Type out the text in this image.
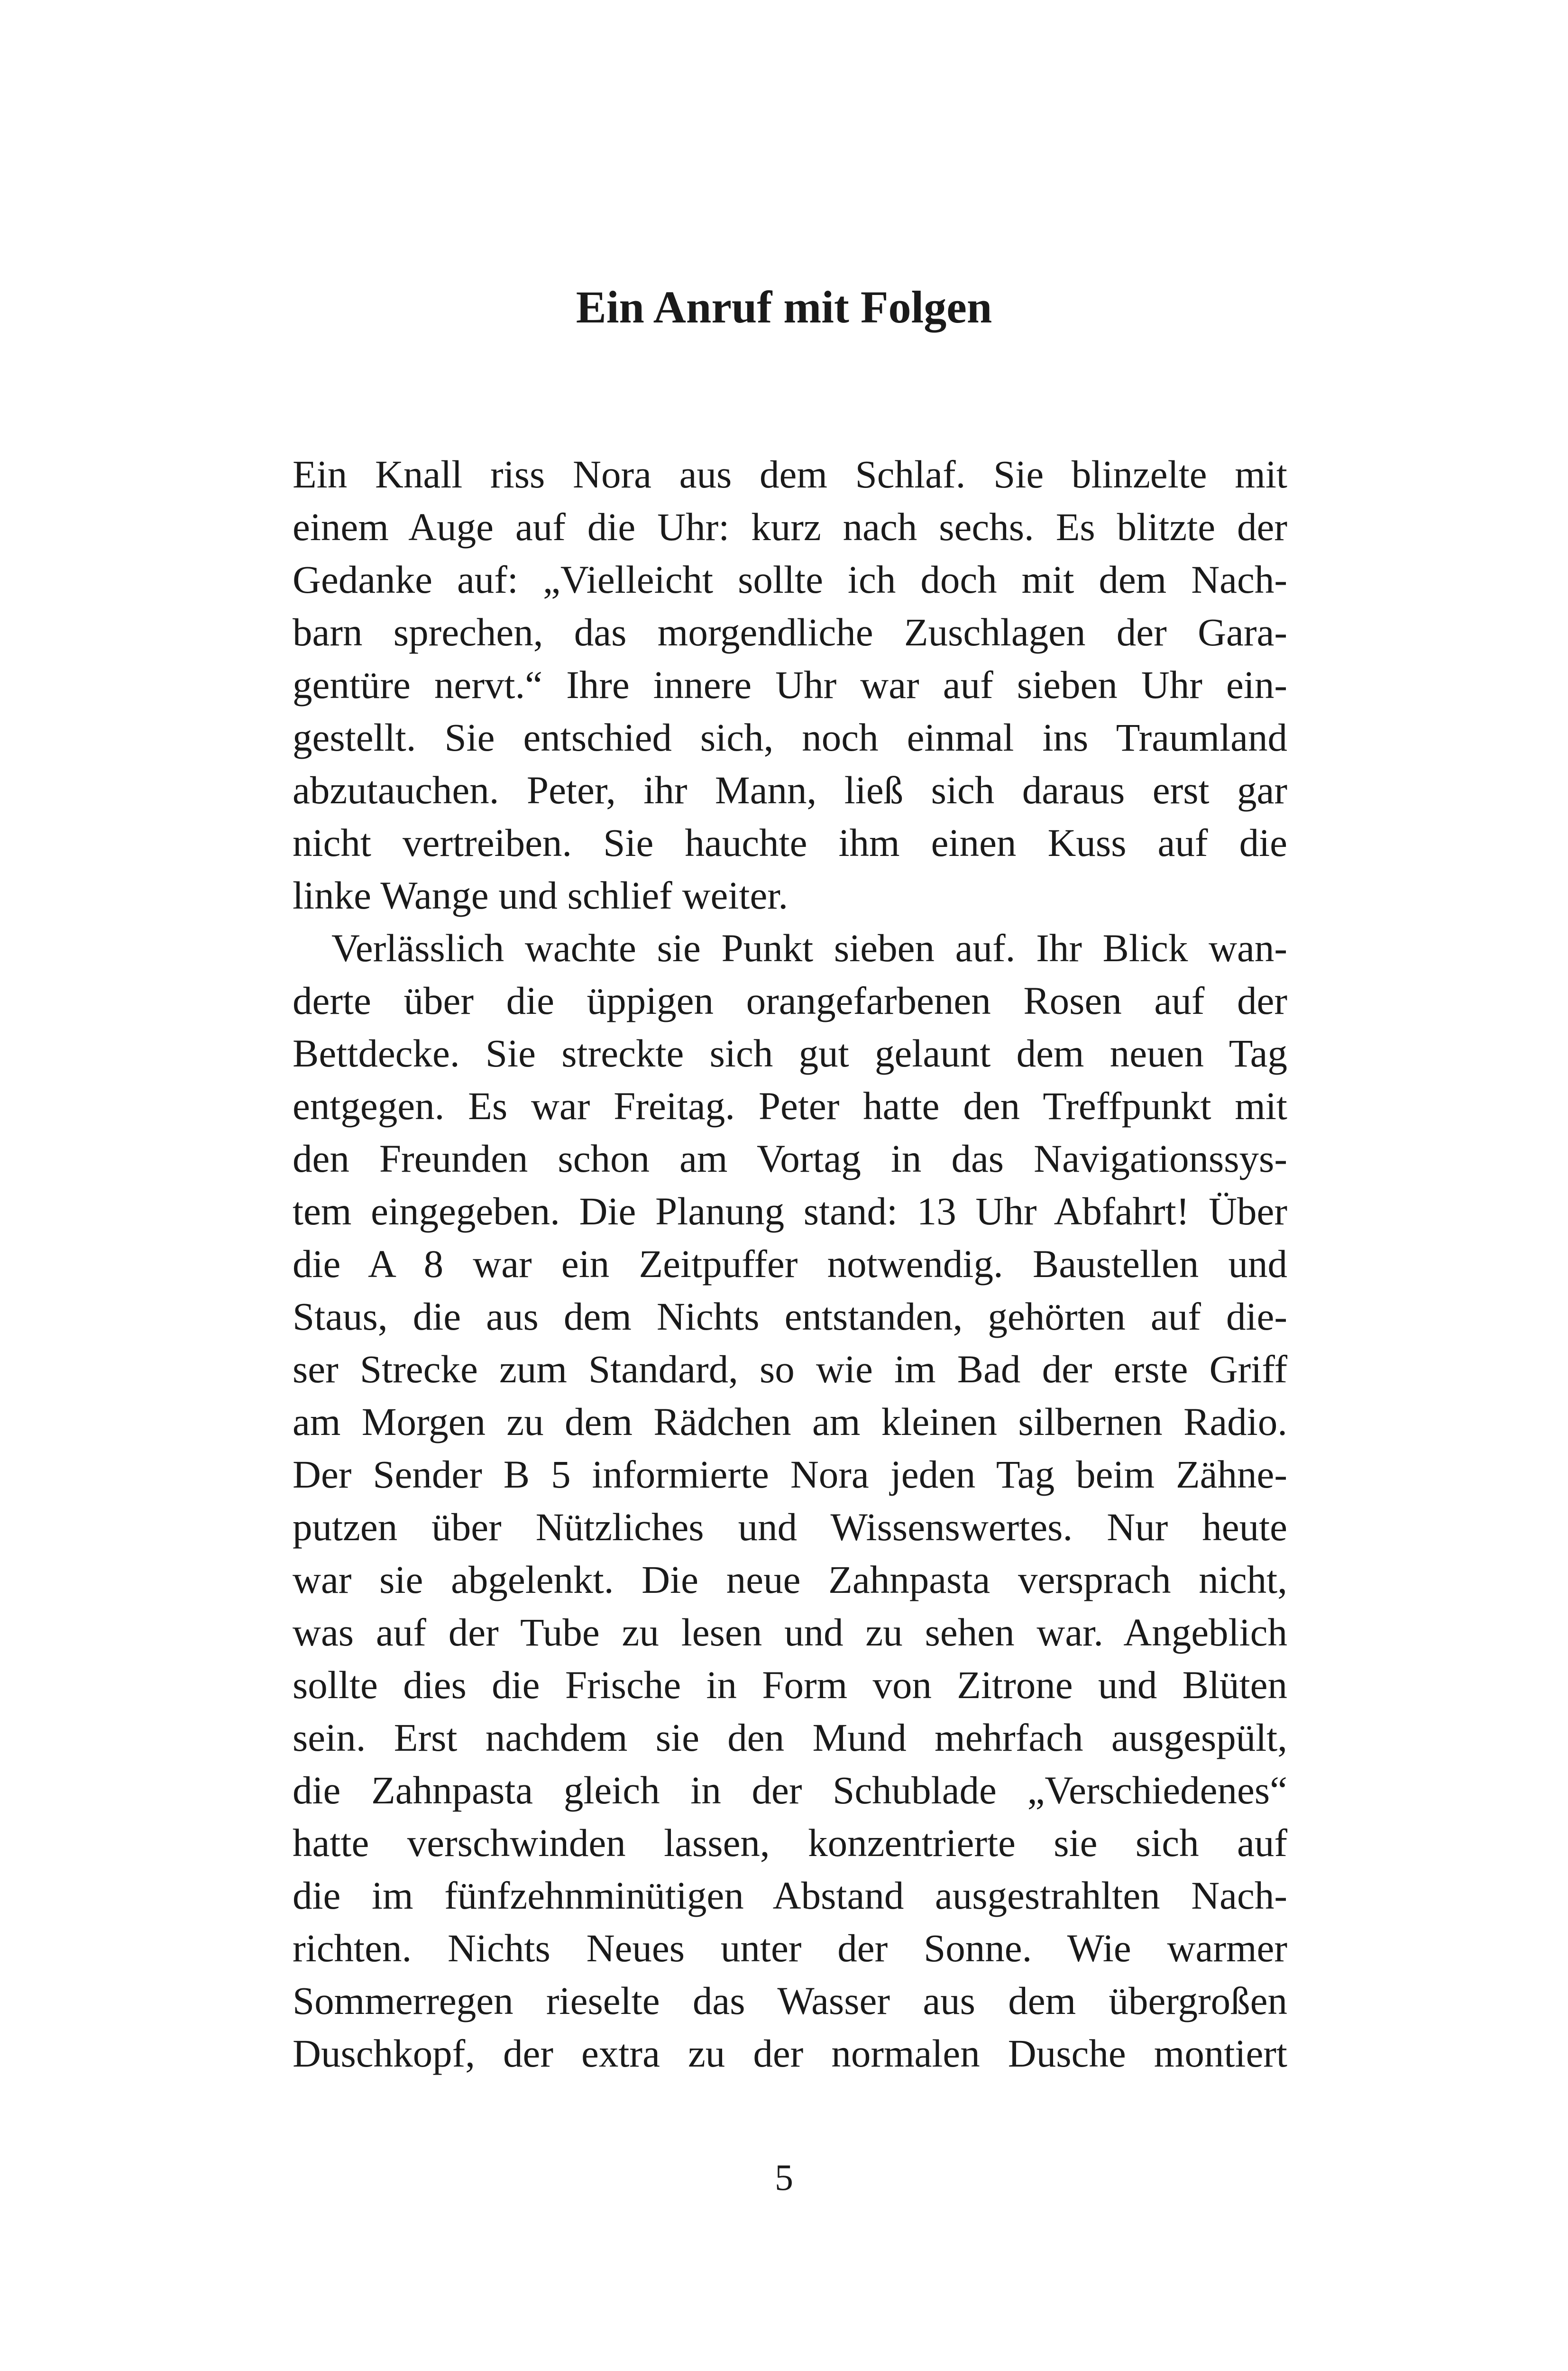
Ein Anruf mit Folgen
Ein Knall riss Nora aus dem Schlaf. Sie blinzelte mit
einem Auge auf die Uhr: kurz nach sechs. Es blitzte der
Gedanke auf: „Vielleicht sollte ich doch mit dem Nach-
barn sprechen, das morgendliche Zuschlagen der Gara-
gentüre nervt.“ Ihre innere Uhr war auf sieben Uhr ein-
gestellt. Sie entschied sich, noch einmal ins Traumland
abzutauchen. Peter, ihr Mann, ließ sich daraus erst gar
nicht vertreiben. Sie hauchte ihm einen Kuss auf die
linke Wange und schlief weiter.
Verlässlich wachte sie Punkt sieben auf. Ihr Blick wan-
derte über die üppigen orangefarbenen Rosen auf der
Bettdecke. Sie streckte sich gut gelaunt dem neuen Tag
entgegen. Es war Freitag. Peter hatte den Treffpunkt mit
den Freunden schon am Vortag in das Navigationssys-
tem eingegeben. Die Planung stand: 13 Uhr Abfahrt! Über
die A 8 war ein Zeitpuffer notwendig. Baustellen und
Staus, die aus dem Nichts entstanden, gehörten auf die-
ser Strecke zum Standard, so wie im Bad der erste Griff
am Morgen zu dem Rädchen am kleinen silbernen Radio.
Der Sender B 5 informierte Nora jeden Tag beim Zähne-
putzen über Nützliches und Wissenswertes. Nur heute
war sie abgelenkt. Die neue Zahnpasta versprach nicht,
was auf der Tube zu lesen und zu sehen war. Angeblich
sollte dies die Frische in Form von Zitrone und Blüten
sein. Erst nachdem sie den Mund mehrfach ausgespült,
die Zahnpasta gleich in der Schublade „Verschiedenes“
hatte verschwinden lassen, konzentrierte sie sich auf
die im fünfzehnminütigen Abstand ausgestrahlten Nach-
richten. Nichts Neues unter der Sonne. Wie warmer
Sommerregen rieselte das Wasser aus dem übergroßen
Duschkopf, der extra zu der normalen Dusche montiert
5
